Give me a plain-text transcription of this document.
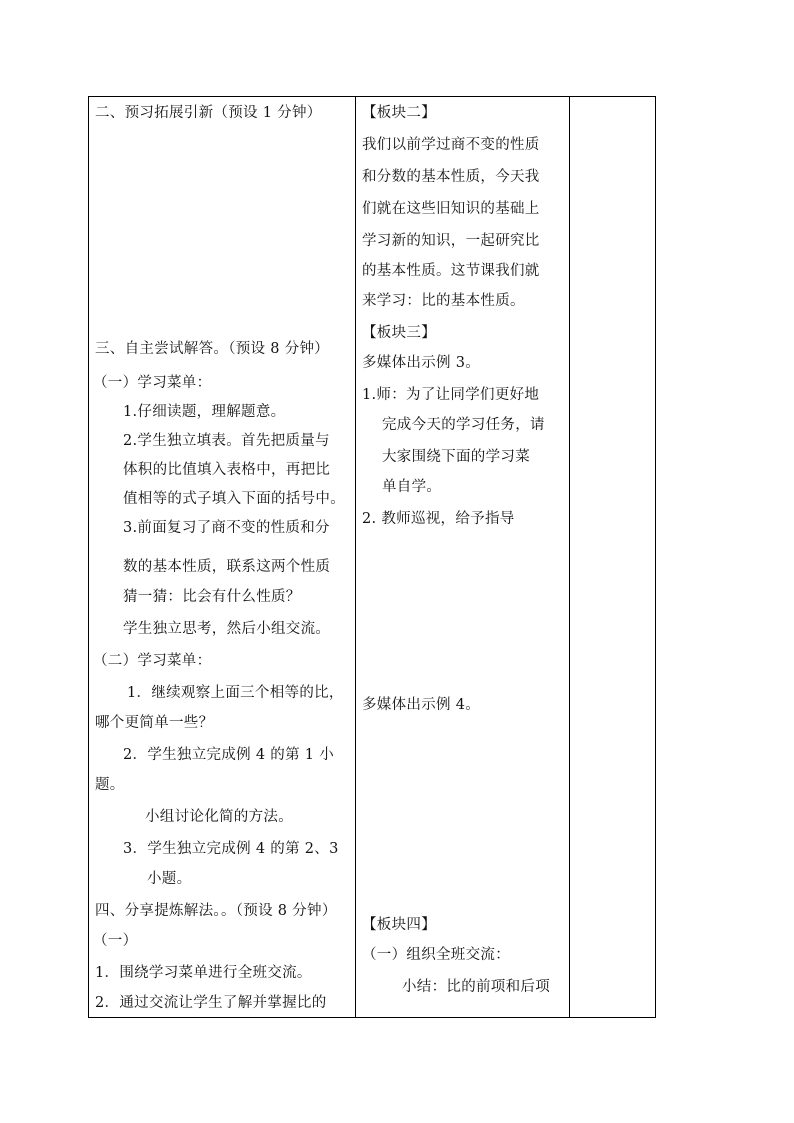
二、预习拓展引新（预设 1 分钟）
三、自主尝试解答。（预设 8 分钟）
（一）学习菜单：
1.仔细读题，理解题意。
2.学生独立填表。首先把质量与
体积的比值填入表格中，再把比
值相等的式子填入下面的括号中。
3.前面复习了商不变的性质和分
数的基本性质，联系这两个性质
猜一猜：比会有什么性质？
学生独立思考，然后小组交流。
（二）学习菜单：
1．继续观察上面三个相等的比，
哪个更简单一些？
2．学生独立完成例 4 的第 1 小
题。
小组讨论化简的方法。
3．学生独立完成例 4 的第 2、3
小题。
四、分享提炼解法。。（预设 8 分钟）
（一）
1．围绕学习菜单进行全班交流。
2．通过交流让学生了解并掌握比的
【板块二】
我们以前学过商不变的性质
和分数的基本性质，今天我
们就在这些旧知识的基础上
学习新的知识，一起研究比
的基本性质。这节课我们就
来学习：比的基本性质。
【板块三】
多媒体出示例 3。
1.师：为了让同学们更好地
完成今天的学习任务，请
大家围绕下面的学习菜
单自学。
2. 教师巡视，给予指导
多媒体出示例 4。
【板块四】
（一）组织全班交流：
小结：比的前项和后项
